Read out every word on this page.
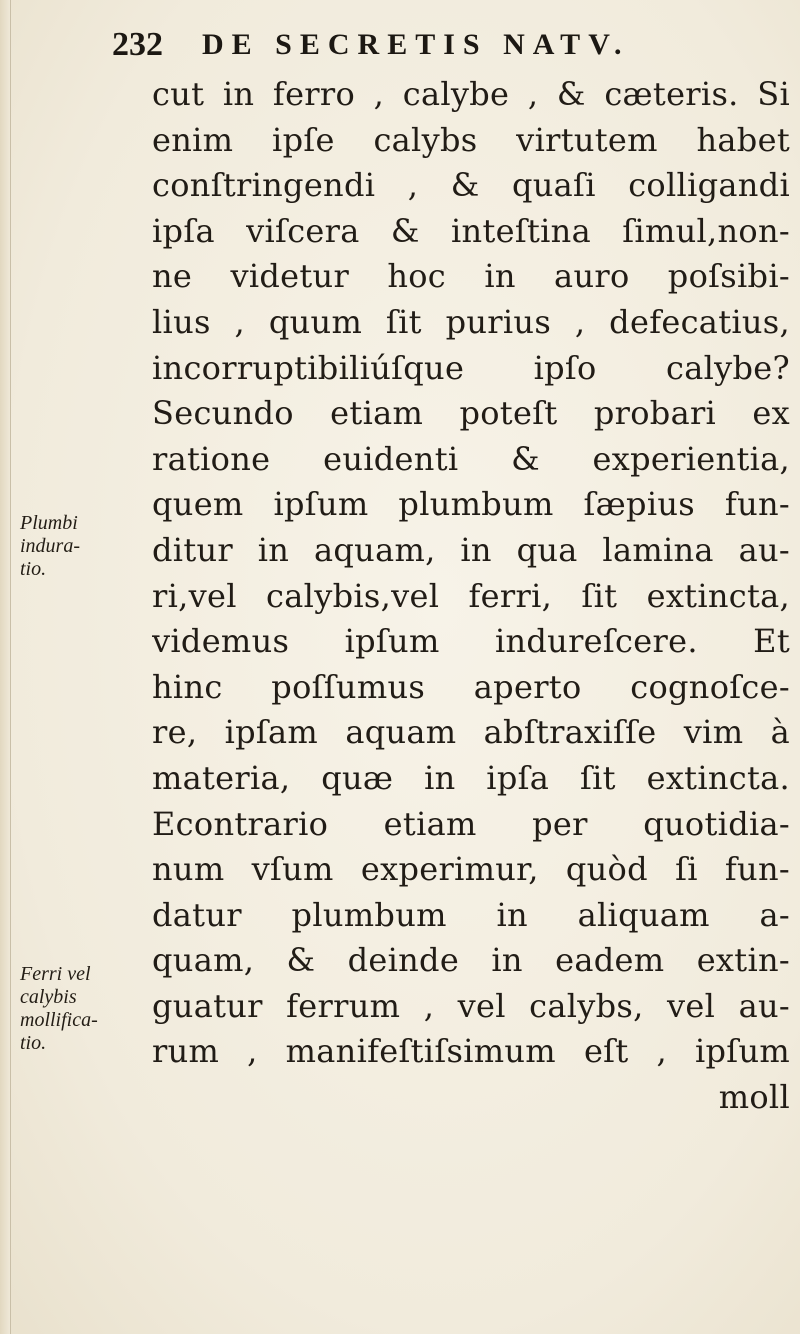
232	DE SECRETIS NATV.
cut in ferro , calybe , & cæteris. Si
enim ipſe calybs virtutem habet
conſtringendi , & quaſi colligandi
ipſa viſcera & inteſtina ſimul,non-
ne videtur hoc in auro poſsibi-
lius , quum ſit purius , defecatius,
incorruptibiliúſque ipſo calybe?
Secundo etiam poteſt probari ex
ratione euidenti & experientia,
quem ipſum plumbum ſæpius fun-
ditur in aquam, in qua lamina au-
ri,vel calybis,vel ferri, ſit extincta,
videmus ipſum indureſcere. Et
hinc poſſumus aperto cognoſce-
re, ipſam aquam abſtraxiſſe vim à
materia, quæ in ipſa ſit extincta.
Econtrario etiam per quotidia-
num vſum experimur, quòd ſi fun-
datur plumbum in aliquam a-
quam, & deinde in eadem extin-
guatur ferrum , vel calybs, vel au-
rum , manifeſtiſsimum eſt , ipſum
moll
Plumbi
indura-
tio.
Ferri vel
calybis
mollifica-
tio.
